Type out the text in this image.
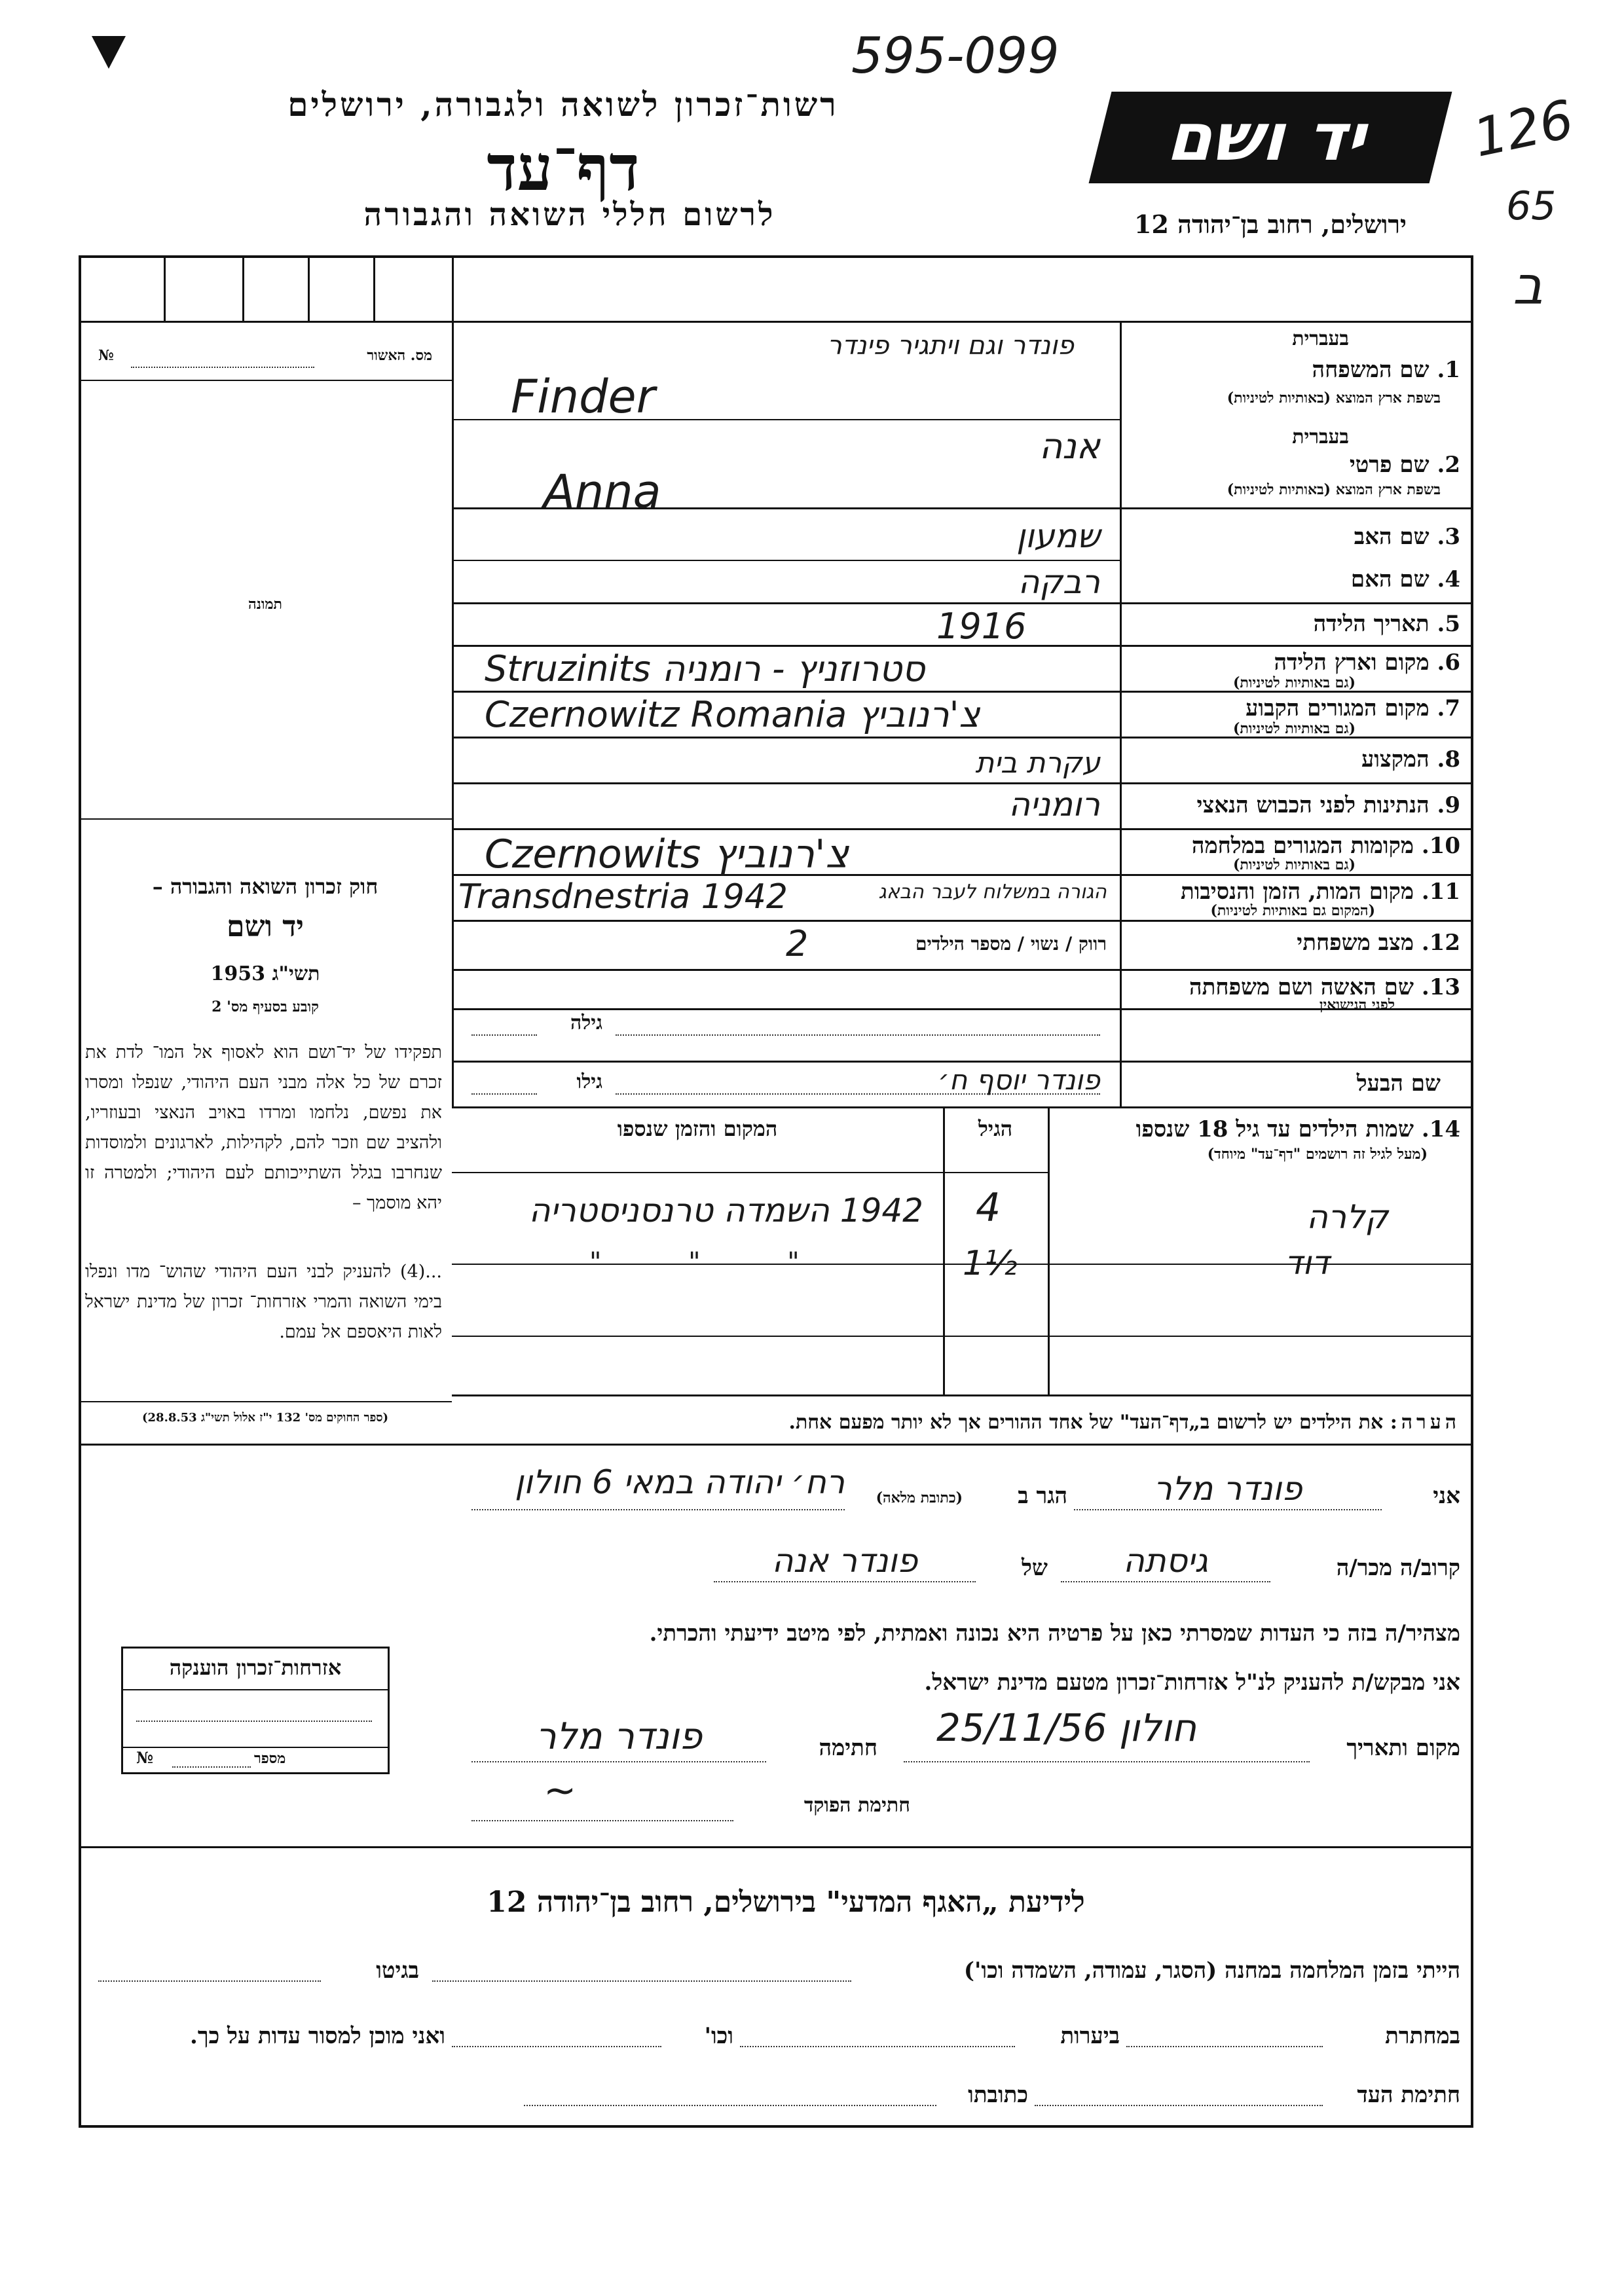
595-099
126
65
ב
רשות־זכרון לשואה ולגבורה, ירושלים
דף־עד
לרשום חללי השואה והגבורה
יד ושם
ירושלים, רחוב בן־יהודה 12
מס. האשור
№
תמונה
חוק זכרון השואה והגבורה –
יד ושם
תשי"ג 1953
קובע בסעיף מס' 2
תפקידו של יד־ושם הוא לאסוף אל המו־ לדת את זכרם של כל אלה מבני העם היהודי, שנפלו ומסרו את נפשם, נלחמו ומרדו באויב הנאצי ובעוזריו, ולהציב שם וזכר להם, לקהילות, לארגונים ולמוסדות שנחרבו בגלל השתייכותם לעם היהודי; ולמטרה זו יהא מוסמך –
...(4) להעניק לבני העם היהודי שהוש־ מדו ונפלו בימי השואה והמרי אזרחות־ זכרון של מדינת ישראל לאות היאספם אל עמם.
(ספר החוקים מס' 132 י"ז אלול תשי"ג 28.8.53)
בעברית
1. שם המשפחה
בשפת ארץ המוצא (באותיות לטיניות)
בעברית
2. שם פרטי
בשפת ארץ המוצא (באותיות לטיניות)
3. שם האב
4. שם האם
5. תאריך הלידה
6. מקום וארץ הלידה
(גם באותיות לטיניות)
7. מקום המגורים הקבוע
(גם באותיות לטיניות)
8. המקצוע
9. הנתינות לפני הכבוש הנאצי
10. מקומות המגורים במלחמה
(גם באותיות לטיניות)
11. מקום המות, הזמן והנסיבות
(המקום גם באותיות לטיניות)
12. מצב משפחתי
רווק / נשוי / מספר הילדים
13. שם האשה ושם משפחתה
לפני הנישואין
גילה
שם הבעל
גילו
פונדר וגם ויתגיר פינדר
Finder
אנה
Anna
שמעון
רבקה
1916
Struzinits סטרוזניץ - רומניה
Czernowitz Romania צ'רנוביץ
עקרת בית
רומניה
Czernowits צ'רנוביץ
Transdnestria 1942	הגורה במשלוח לעבר הבאג
2
פונדר יוסף ח׳
14. שמות הילדים עד גיל 18 שנספו
(מעל לגיל זה רושמים "דף־עד" מיוחד)
הגיל
המקום והזמן שנספו
קלרה
4
1942 השמדה טרנסניסטריה
דוד
1½
" " "
הערה: את הילדים יש לרשום ב„דף־העד" של אחד ההורים אך לא יותר מפעם אחת.
אני
פונדר מלר
הגר ב
(כתובת מלאה)
רח׳ יהודה במאי 6 חולון
קרוב/ה מכר/ה
גיסתה
של
פונדר אנה
מצהיר/ה בזה כי העדות שמסרתי כאן על פרטיה היא נכונה ואמתית, לפי מיטב ידיעתי והכרתי.
אני מבקש/ת להעניק לנ"ל אזרחות־זכרון מטעם מדינת ישראל.
מקום ותאריך
חולון 25/11/56
חתימה
פונדר מלר
חתימת הפוקד
~
אזרחות־זכרון הוענקה
מספר
№
לידיעת „האגף המדעי" בירושלים, רחוב בן־יהודה 12
הייתי בזמן המלחמה במחנה (הסגר, עמודה, השמדה וכו')
בגיטו
במחתרת
ביערות
וכו'
ואני מוכן למסור עדות על כך.
חתימת העד
כתובתו
